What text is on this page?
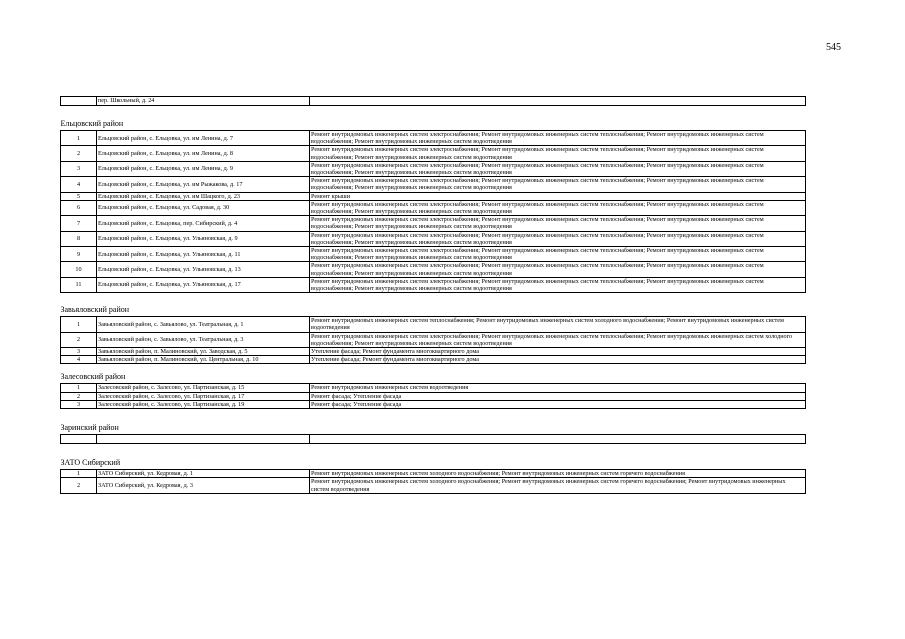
545
	пер. Школьный, д. 24	
Ельцовский район		
1	Ельцовский район, с. Ельцовка, ул. им Ленина, д. 7	Ремонт внутридомовых инженерных систем электроснабжения; Ремонт внутридомовых инженерных систем теплоснабжения; Ремонт внутридомовых инженерных систем водоснабжения; Ремонт внутридомовых инженерных систем водоотведения
2	Ельцовский район, с. Ельцовка, ул. им Ленина, д. 8	Ремонт внутридомовых инженерных систем электроснабжения; Ремонт внутридомовых инженерных систем теплоснабжения; Ремонт внутридомовых инженерных систем водоснабжения; Ремонт внутридомовых инженерных систем водоотведения
3	Ельцовский район, с. Ельцовка, ул. им Ленина, д. 9	Ремонт внутридомовых инженерных систем электроснабжения; Ремонт внутридомовых инженерных систем теплоснабжения; Ремонт внутридомовых инженерных систем водоснабжения; Ремонт внутридомовых инженерных систем водоотведения
4	Ельцовский район, с. Ельцовка, ул. им Рыжакова, д. 17	Ремонт внутридомовых инженерных систем электроснабжения; Ремонт внутридомовых инженерных систем теплоснабжения; Ремонт внутридомовых инженерных систем водоснабжения; Ремонт внутридомовых инженерных систем водоотведения
5	Ельцовский район, с. Ельцовка, ул. им Шацкого, д. 23	Ремонт крыши
6	Ельцовский район, с. Ельцовка, ул. Садовая, д. 30	Ремонт внутридомовых инженерных систем электроснабжения; Ремонт внутридомовых инженерных систем теплоснабжения; Ремонт внутридомовых инженерных систем водоснабжения; Ремонт внутридомовых инженерных систем водоотведения
7	Ельцовский район, с. Ельцовка, пер. Сибирский, д. 4	Ремонт внутридомовых инженерных систем электроснабжения; Ремонт внутридомовых инженерных систем теплоснабжения; Ремонт внутридомовых инженерных систем водоснабжения; Ремонт внутридомовых инженерных систем водоотведения
8	Ельцовский район, с. Ельцовка, ул. Ульяновская, д. 9	Ремонт внутридомовых инженерных систем электроснабжения; Ремонт внутридомовых инженерных систем теплоснабжения; Ремонт внутридомовых инженерных систем водоснабжения; Ремонт внутридомовых инженерных систем водоотведения
9	Ельцовский район, с. Ельцовка, ул. Ульяновская, д. 11	Ремонт внутридомовых инженерных систем электроснабжения; Ремонт внутридомовых инженерных систем теплоснабжения; Ремонт внутридомовых инженерных систем водоснабжения; Ремонт внутридомовых инженерных систем водоотведения
10	Ельцовский район, с. Ельцовка, ул. Ульяновская, д. 13	Ремонт внутридомовых инженерных систем электроснабжения; Ремонт внутридомовых инженерных систем теплоснабжения; Ремонт внутридомовых инженерных систем водоснабжения; Ремонт внутридомовых инженерных систем водоотведения
11	Ельцовский район, с. Ельцовка, ул. Ульяновская, д. 17	Ремонт внутридомовых инженерных систем электроснабжения; Ремонт внутридомовых инженерных систем теплоснабжения; Ремонт внутридомовых инженерных систем водоснабжения; Ремонт внутридомовых инженерных систем водоотведения
Завьяловский район		
1	Завьяловский район, с. Завьялово, ул. Театральная, д. 1	Ремонт внутридомовых инженерных систем теплоснабжения; Ремонт внутридомовых инженерных систем холодного водоснабжения; Ремонт внутридомовых инженерных систем водоотведения
2	Завьяловский район, с. Завьялово, ул. Театральная, д. 3	Ремонт внутридомовых инженерных систем электроснабжения; Ремонт внутридомовых инженерных систем теплоснабжения; Ремонт внутридомовых инженерных систем холодного водоснабжения; Ремонт внутридомовых инженерных систем водоотведения
3	Завьяловский район, п. Малиновский, ул. Заводская, д. 5	Утепление фасада; Ремонт фундамента многоквартирного дома
4	Завьяловский район, п. Малиновский, ул. Центральная, д. 10	Утепление фасада; Ремонт фундамента многоквартирного дома
Залесовский район		
1	Залесовский район, с. Залесово, ул. Партизанская, д. 15	Ремонт внутридомовых инженерных систем водоотведения
2	Залесовский район, с. Залесово, ул. Партизанская, д. 17	Ремонт фасада; Утепление фасада
3	Залесовский район, с. Залесово, ул. Партизанская, д. 19	Ремонт фасада; Утепление фасада
Заринский район		

ЗАТО Сибирский		
1	ЗАТО Сибирский, ул. Кедровая, д. 1	Ремонт внутридомовых инженерных систем холодного водоснабжения; Ремонт внутридомовых инженерных систем горячего водоснабжения
2	ЗАТО Сибирский, ул. Кедровая, д. 3	Ремонт внутридомовых инженерных систем холодного водоснабжения; Ремонт внутридомовых инженерных систем горячего водоснабжения; Ремонт внутридомовых инженерных систем водоотведения
